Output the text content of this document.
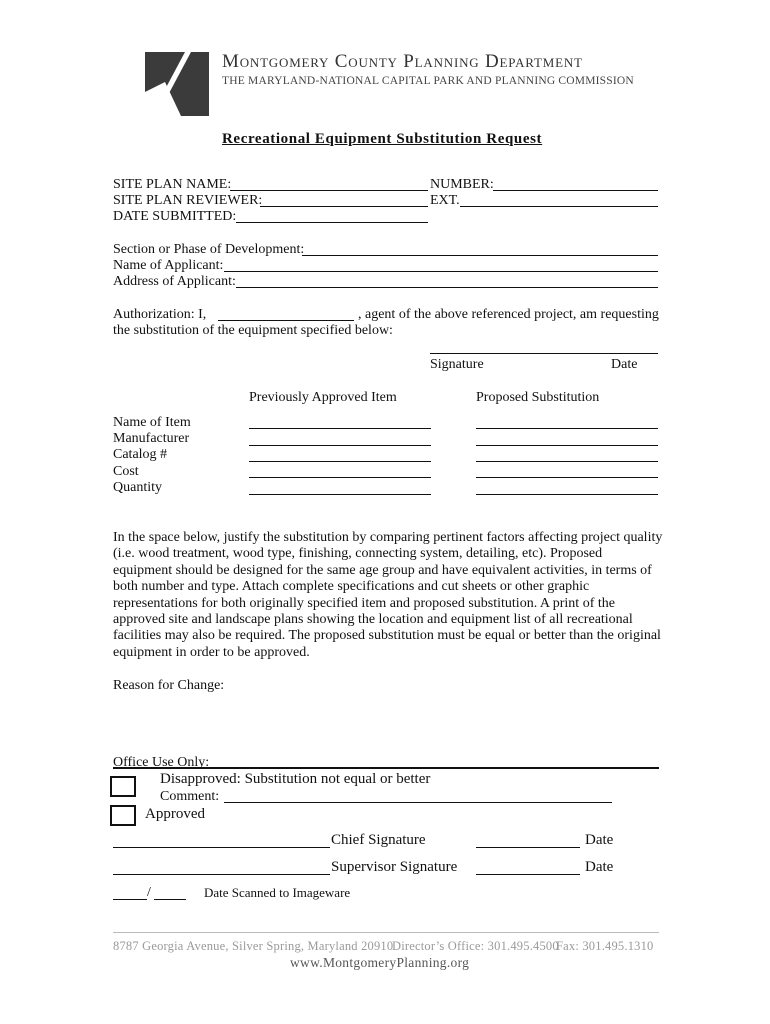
Montgomery County Planning Department
THE MARYLAND-NATIONAL CAPITAL PARK AND PLANNING COMMISSION
Recreational Equipment Substitution Request
SITE PLAN NAME:	NUMBER:
SITE PLAN REVIEWER:	EXT.
DATE SUBMITTED:
Section or Phase of Development:
Name of Applicant:
Address of Applicant:
Authorization: I,	, agent of the above referenced project, am requesting
the substitution of the equipment specified below:
Signature	Date
Previously Approved Item	Proposed Substitution
Name of Item
Manufacturer
Catalog #
Cost
Quantity
In the space below, justify the substitution by comparing pertinent factors affecting project quality (i.e. wood treatment, wood type, finishing, connecting system, detailing, etc). Proposed equipment should be designed for the same age group and have equivalent activities, in terms of both number and type. Attach complete specifications and cut sheets or other graphic representations for both originally specified item and proposed substitution. A print of the approved site and landscape plans showing the location and equipment list of all recreational facilities may also be required. The proposed substitution must be equal or better than the original equipment in order to be approved.
Reason for Change:
Office Use Only:
Disapproved: Substitution not equal or better
Comment:
Approved
Chief Signature	Date
Supervisor Signature	Date
/	Date Scanned to Imageware
8787 Georgia Avenue, Silver Spring, Maryland 20910
Director’s Office: 301.495.4500
Fax: 301.495.1310
www.MontgomeryPlanning.org
